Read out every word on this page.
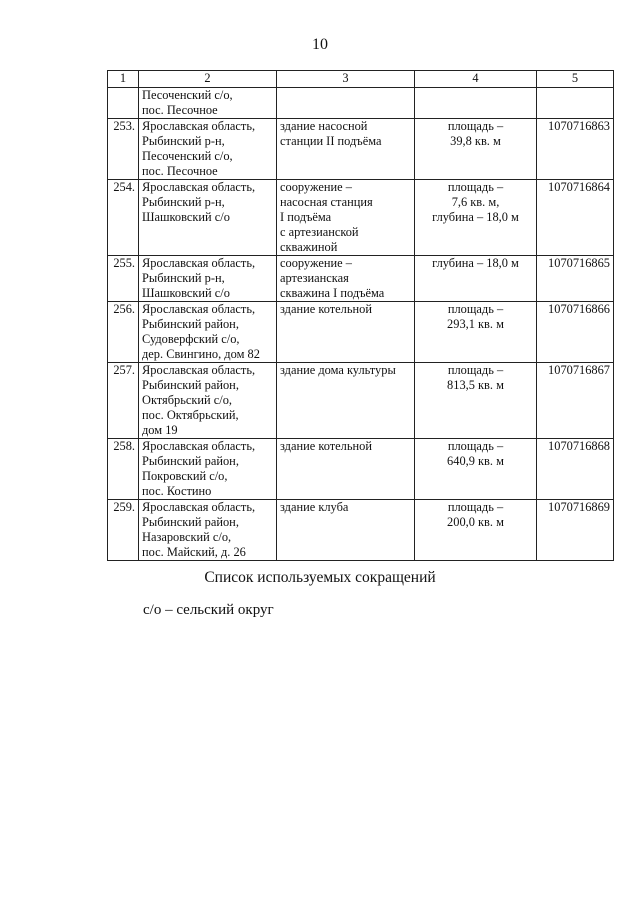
10
1	2	3	4	5
	Песоченский с/о,
пос. Песочное			
253.	Ярославская область,
Рыбинский р-н,
Песоченский с/о,
пос. Песочное	здание насосной
станции II подъёма	площадь –
39,8 кв. м	1070716863
254.	Ярославская область,
Рыбинский р-н,
Шашковский с/о	сооружение –
насосная станция
I подъёма
с артезианской
скважиной	площадь –
7,6 кв. м,
глубина – 18,0 м	1070716864
255.	Ярославская область,
Рыбинский р-н,
Шашковский с/о	сооружение –
артезианская
скважина I подъёма	глубина – 18,0 м	1070716865
256.	Ярославская область,
Рыбинский район,
Судоверфский с/о,
дер. Свингино, дом 82	здание котельной	площадь –
293,1 кв. м	1070716866
257.	Ярославская область,
Рыбинский район,
Октябрьский с/о,
пос. Октябрьский,
дом 19	здание дома культуры	площадь –
813,5 кв. м	1070716867
258.	Ярославская область,
Рыбинский район,
Покровский с/о,
пос. Костино	здание котельной	площадь –
640,9 кв. м	1070716868
259.	Ярославская область,
Рыбинский район,
Назаровский с/о,
пос. Майский, д. 26	здание клуба	площадь –
200,0 кв. м	1070716869
Список используемых сокращений
с/о – сельский округ
